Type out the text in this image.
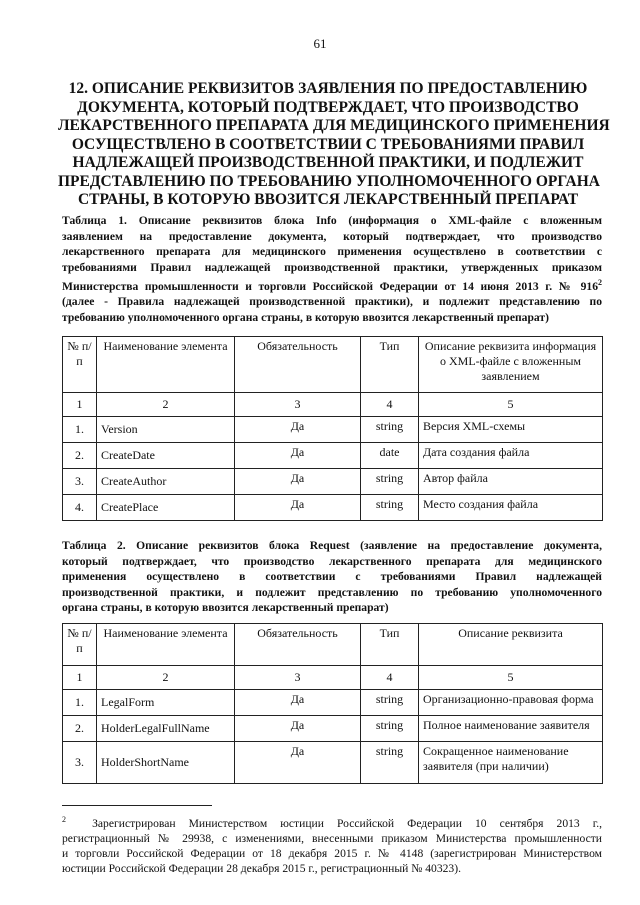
61
12. ОПИСАНИЕ РЕКВИЗИТОВ ЗАЯВЛЕНИЯ ПО ПРЕДОСТАВЛЕНИЮ
ДОКУМЕНТА, КОТОРЫЙ ПОДТВЕРЖДАЕТ, ЧТО ПРОИЗВОДСТВО
ЛЕКАРСТВЕННОГО ПРЕПАРАТА ДЛЯ МЕДИЦИНСКОГО ПРИМЕНЕНИЯ
ОСУЩЕСТВЛЕНО В СООТВЕТСТВИИ С ТРЕБОВАНИЯМИ ПРАВИЛ
НАДЛЕЖАЩЕЙ ПРОИЗВОДСТВЕННОЙ ПРАКТИКИ, И ПОДЛЕЖИТ
ПРЕДСТАВЛЕНИЮ ПО ТРЕБОВАНИЮ УПОЛНОМОЧЕННОГО ОРГАНА
СТРАНЫ, В КОТОРУЮ ВВОЗИТСЯ ЛЕКАРСТВЕННЫЙ ПРЕПАРАТ
Таблица 1. Описание реквизитов блока Info (информация о XML-файле с вложенным
заявлением на предоставление документа, который подтверждает, что производство
лекарственного препарата для медицинского применения осуществлено в соответствии с
требованиями Правил надлежащей производственной практики, утвержденных приказом
Министерства промышленности и торговли Российской Федерации от 14 июня 2013 г. № $916^2$
(далее - Правила надлежащей производственной практики), и подлежит представлению по
требованию уполномоченного органа страны, в которую ввозится лекарственный препарат)
№ п/п	Наименование элемента	Обязательность	Тип	Описание реквизита информация о XML-файле с вложенным заявлением
1	2	3	4	5
1.	Version	Да	string	Версия XML-схемы
2.	CreateDate	Да	date	Дата создания файла
3.	CreateAuthor	Да	string	Автор файла
4.	CreatePlace	Да	string	Место создания файла
Таблица 2. Описание реквизитов блока Request (заявление на предоставление документа,
который подтверждает, что производство лекарственного препарата для медицинского
применения осуществлено в соответствии с требованиями Правил надлежащей
производственной практики, и подлежит представлению по требованию уполномоченного
органа страны, в которую ввозится лекарственный препарат)
№ п/п	Наименование элемента	Обязательность	Тип	Описание реквизита
1	2	3	4	5
1.	LegalForm	Да	string	Организационно-правовая форма
2.	HolderLegalFullName	Да	string	Полное наименование заявителя
3.	HolderShortName	Да	string	Сокращенное наименование заявителя (при наличии)
$^2$ Зарегистрирован Министерством юстиции Российской Федерации 10 сентября 2013 г.,
регистрационный № 29938, с изменениями, внесенными приказом Министерства промышленности
и торговли Российской Федерации от 18 декабря 2015 г. № 4148 (зарегистрирован Министерством
юстиции Российской Федерации 28 декабря 2015 г., регистрационный № 40323).
